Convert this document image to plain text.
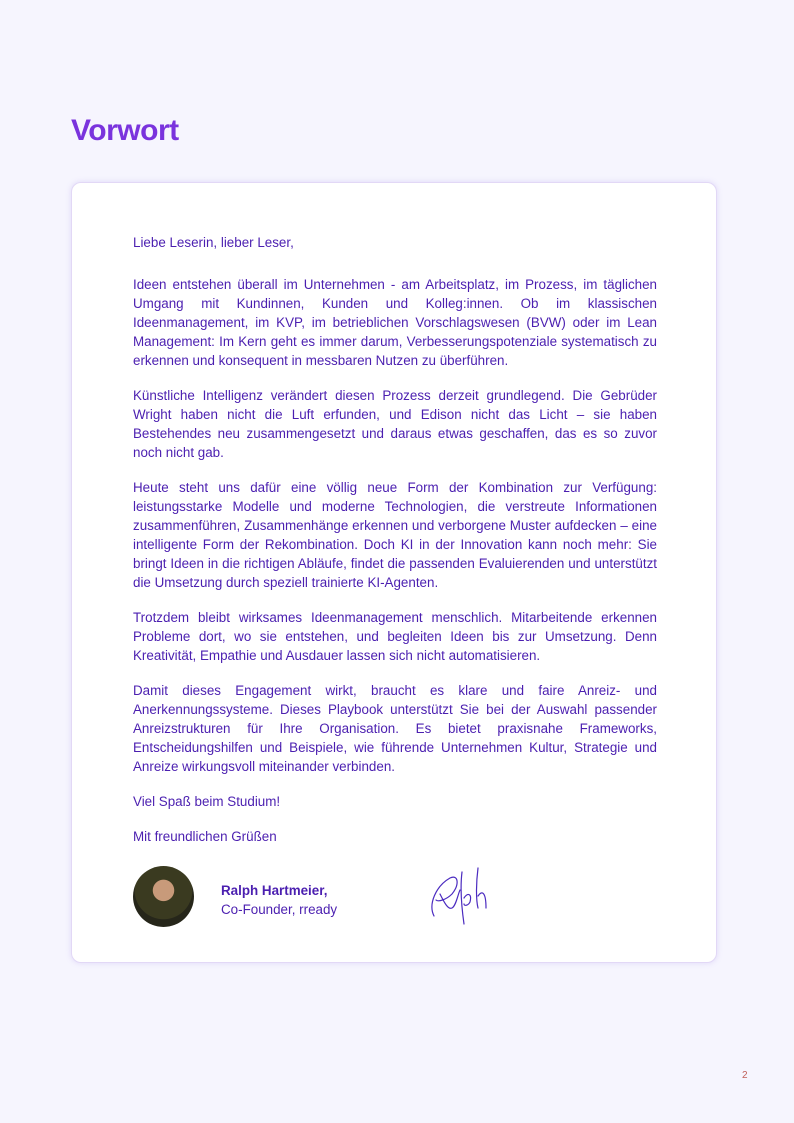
Vorwort

Liebe Leserin, lieber Leser,

Ideen entstehen überall im Unternehmen - am Arbeitsplatz, im Prozess, im täglichen Umgang mit Kundinnen, Kunden und Kolleg:innen. Ob im klassischen Ideenmanagement, im KVP, im betrieblichen Vorschlagswesen (BVW) oder im Lean Management: Im Kern geht es immer darum, Verbesserungspotenziale systematisch zu erkennen und konsequent in messbaren Nutzen zu überführen.

Künstliche Intelligenz verändert diesen Prozess derzeit grundlegend. Die Gebrüder Wright haben nicht die Luft erfunden, und Edison nicht das Licht – sie haben Bestehendes neu zusammengesetzt und daraus etwas geschaffen, das es so zuvor noch nicht gab.

Heute steht uns dafür eine völlig neue Form der Kombination zur Verfügung: leistungsstarke Modelle und moderne Technologien, die verstreute Informationen zusammenführen, Zusammenhänge erkennen und verborgene Muster aufdecken – eine intelligente Form der Rekombination. Doch KI in der Innovation kann noch mehr: Sie bringt Ideen in die richtigen Abläufe, findet die passenden Evaluierenden und unterstützt die Umsetzung durch speziell trainierte KI-Agenten.

Trotzdem bleibt wirksames Ideenmanagement menschlich. Mitarbeitende erkennen Probleme dort, wo sie entstehen, und begleiten Ideen bis zur Umsetzung. Denn Kreativität, Empathie und Ausdauer lassen sich nicht automatisieren.

Damit dieses Engagement wirkt, braucht es klare und faire Anreiz- und Anerkennungssysteme. Dieses Playbook unterstützt Sie bei der Auswahl passender Anreizstrukturen für Ihre Organisation. Es bietet praxisnahe Frameworks, Entscheidungshilfen und Beispiele, wie führende Unternehmen Kultur, Strategie und Anreize wirkungsvoll miteinander verbinden.

Viel Spaß beim Studium!

Mit freundlichen Grüßen

Ralph Hartmeier,
Co-Founder, rready
2
